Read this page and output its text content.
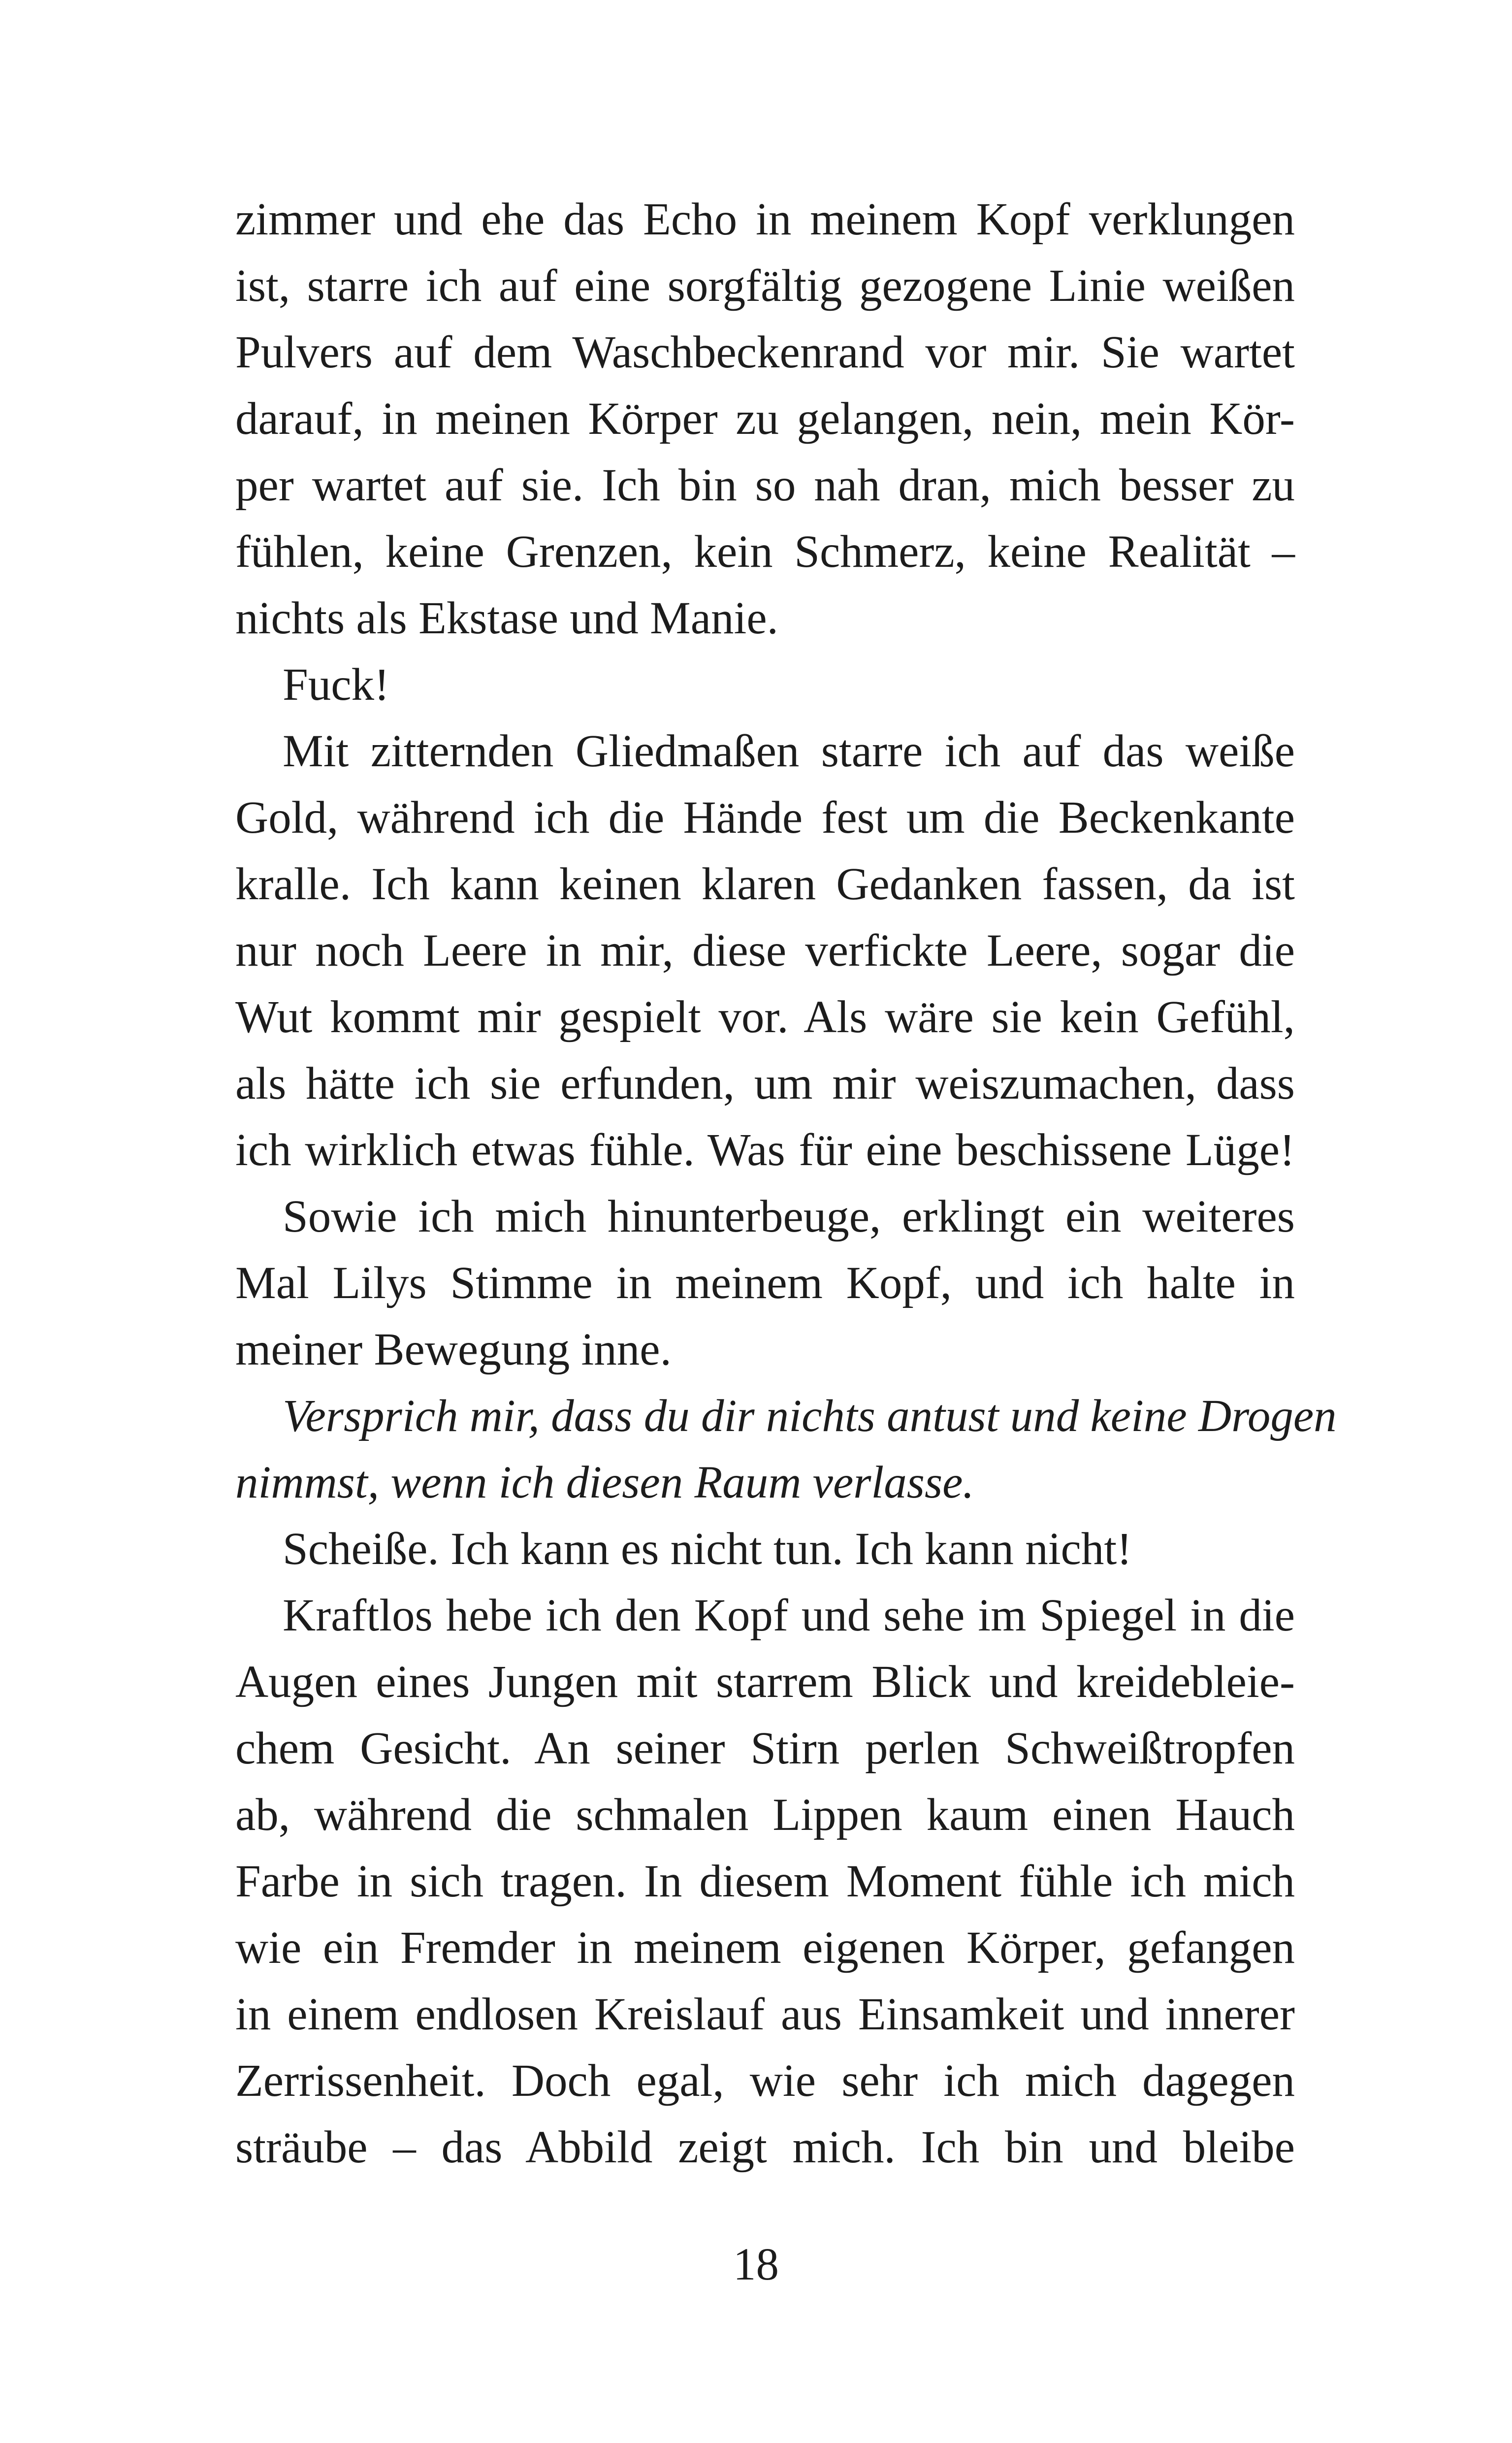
zimmer und ehe das Echo in meinem Kopf verklungen
ist, starre ich auf eine sorgfältig gezogene Linie weißen
Pulvers auf dem Waschbeckenrand vor mir. Sie wartet
darauf, in meinen Körper zu gelangen, nein, mein Kör-
per wartet auf sie. Ich bin so nah dran, mich besser zu
fühlen, keine Grenzen, kein Schmerz, keine Realität –
nichts als Ekstase und Manie.
Fuck!
Mit zitternden Gliedmaßen starre ich auf das weiße
Gold, während ich die Hände fest um die Beckenkante
kralle. Ich kann keinen klaren Gedanken fassen, da ist
nur noch Leere in mir, diese verfickte Leere, sogar die
Wut kommt mir gespielt vor. Als wäre sie kein Gefühl,
als hätte ich sie erfunden, um mir weiszumachen, dass
ich wirklich etwas fühle. Was für eine beschissene Lüge!
Sowie ich mich hinunterbeuge, erklingt ein weiteres
Mal Lilys Stimme in meinem Kopf, und ich halte in
meiner Bewegung inne.
Versprich mir, dass du dir nichts antust und keine Drogen
nimmst, wenn ich diesen Raum verlasse.
Scheiße. Ich kann es nicht tun. Ich kann nicht!
Kraftlos hebe ich den Kopf und sehe im Spiegel in die
Augen eines Jungen mit starrem Blick und kreidebleie-
chem Gesicht. An seiner Stirn perlen Schweißtropfen
ab, während die schmalen Lippen kaum einen Hauch
Farbe in sich tragen. In diesem Moment fühle ich mich
wie ein Fremder in meinem eigenen Körper, gefangen
in einem endlosen Kreislauf aus Einsamkeit und innerer
Zerrissenheit. Doch egal, wie sehr ich mich dagegen
sträube – das Abbild zeigt mich. Ich bin und bleibe
18
